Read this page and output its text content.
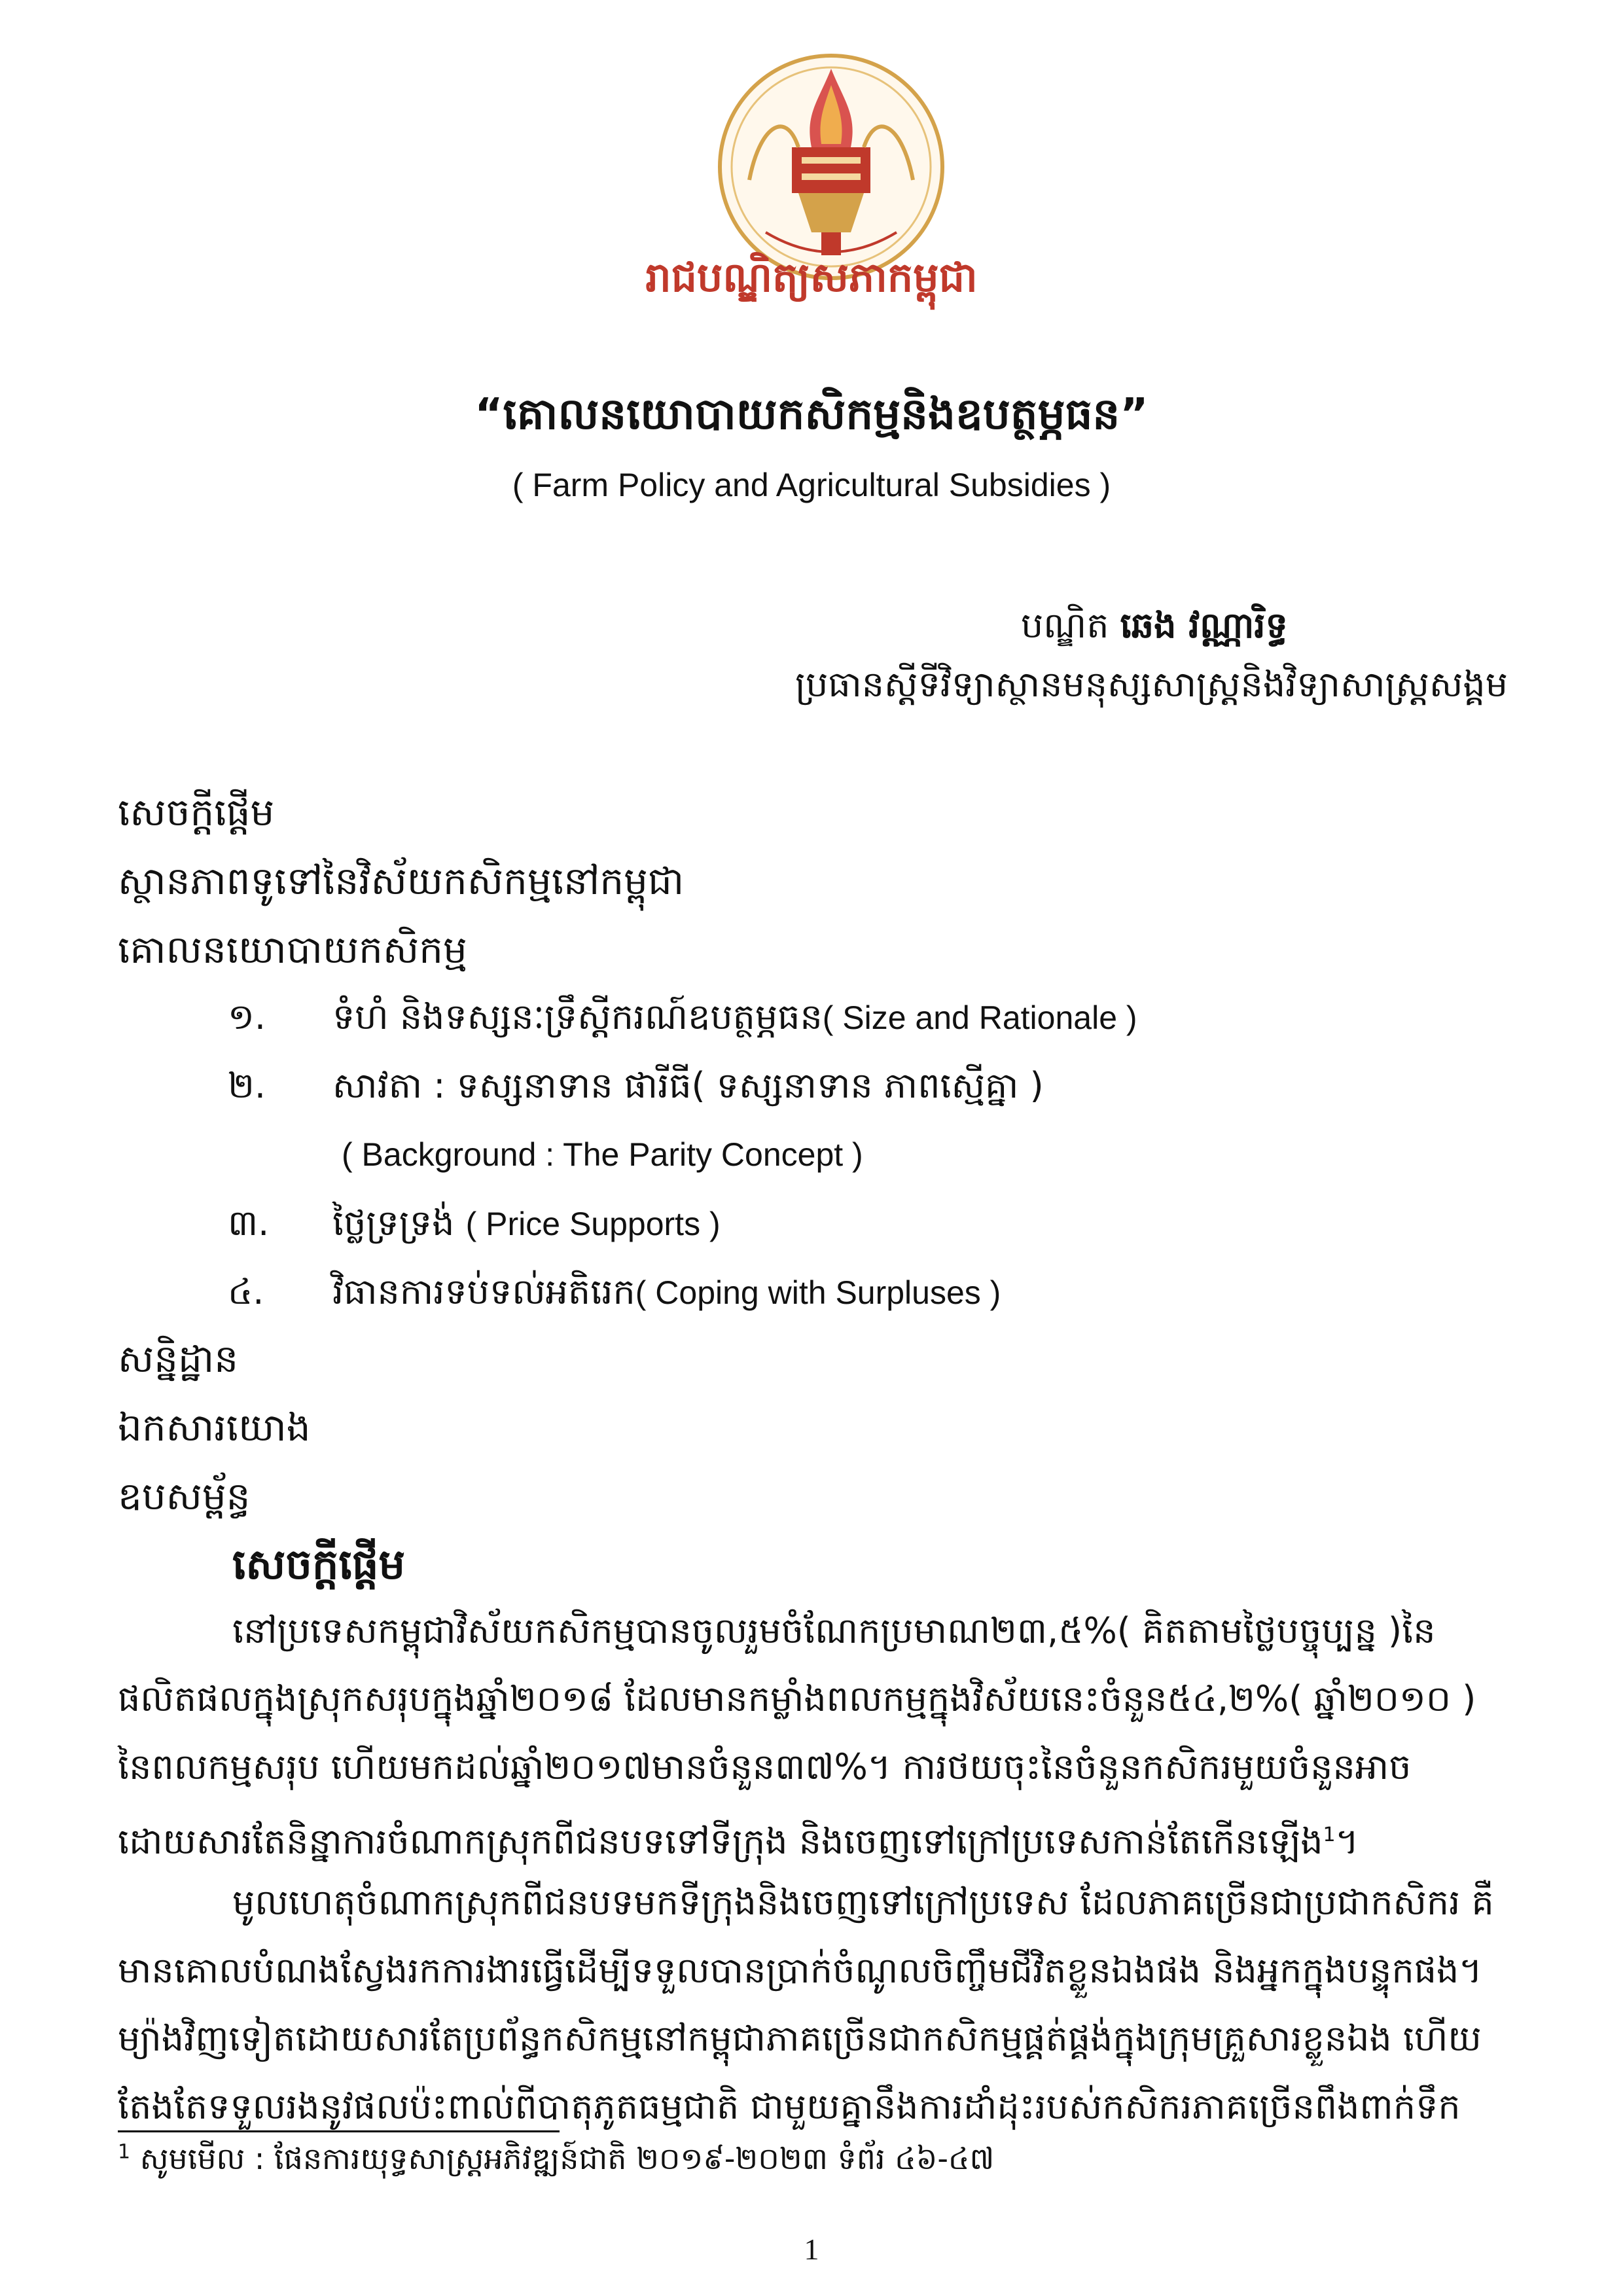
រាជបណ្ឌិត្យសភាកម្ពុជា
“គោលនយោបាយកសិកម្មនិងឧបត្ថម្ភធន”
( Farm Policy and Agricultural Subsidies )
បណ្ឌិត ឆេង វណ្ណារិទ្ធ
ប្រធានស្តីទីវិទ្យាស្ថានមនុស្សសាស្ត្រនិងវិទ្យាសាស្ត្រសង្គម
សេចក្តីផ្តើម
ស្ថានភាពទូទៅនៃវិស័យកសិកម្មនៅកម្ពុជា
គោលនយោបាយកសិកម្ម
១. ទំហំ និងទស្សនៈទ្រឹស្តីករណ៍ឧបត្ថម្ភធន( Size and Rationale )
២. សាវតា : ទស្សនាទាន ផារីធី( ទស្សនាទាន ភាពស្មើគ្នា )
( Background : The Parity Concept )
៣. ថ្លៃទ្រទ្រង់ ( Price Supports )
៤. វិធានការទប់ទល់អតិរេក( Coping with Surpluses )
សន្និដ្ឋាន
ឯកសារយោង
ឧបសម្ព័ន្ធ
សេចក្តីផ្តើម

នៅប្រទេសកម្ពុជាវិស័យកសិកម្មបានចូលរួមចំណែកប្រមាណ២៣,៥%( គិតតាមថ្លៃបច្ចុប្បន្ន )នៃ

ផលិតផលក្នុងស្រុកសរុបក្នុងឆ្នាំ២០១៨ ដែលមានកម្លាំងពលកម្មក្នុងវិស័យនេះចំនួន៥៤,២%( ឆ្នាំ២០១០ )

នៃពលកម្មសរុប ហើយមកដល់ឆ្នាំ២០១៧មានចំនួន៣៧%។ ការថយចុះនៃចំនួនកសិករមួយចំនួនអាច

ដោយសារតែនិន្នាការចំណាកស្រុកពីជនបទទៅទីក្រុង និងចេញទៅក្រៅប្រទេសកាន់តែកើនឡើង$^1$។

មូលហេតុចំណាកស្រុកពីជនបទមកទីក្រុងនិងចេញទៅក្រៅប្រទេស ដែលភាគច្រើនជាប្រជាកសិករ គឺ

មានគោលបំណងស្វែងរកការងារធ្វើដើម្បីទទួលបានប្រាក់ចំណូលចិញ្ចឹមជីវិតខ្លួនឯងផង និងអ្នកក្នុងបន្ទុកផង។

ម្យ៉ាងវិញទៀតដោយសារតែប្រព័ន្ធកសិកម្មនៅកម្ពុជាភាគច្រើនជាកសិកម្មផ្គត់ផ្គង់ក្នុងក្រុមគ្រួសារខ្លួនឯង ហើយ

តែងតែទទួលរងនូវផលប៉ះពាល់ពីបាតុភូតធម្មជាតិ ជាមួយគ្នានឹងការដាំដុះរបស់កសិករភាគច្រើនពឹងពាក់ទឹក

$^1$ សូមមើល : ផែនការយុទ្ធសាស្ត្រអភិវឌ្ឍន៍ជាតិ ២០១៩-២០២៣ ទំព័រ ៤៦-៤៧
1
